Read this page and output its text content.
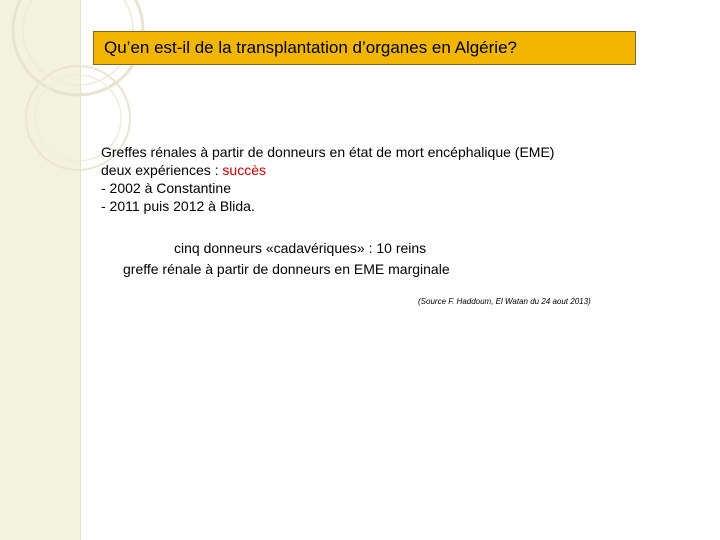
Qu’en est-il de la transplantation d’organes en Algérie?
Greffes rénales à partir de donneurs en état de mort encéphalique (EME)
deux expériences : succès
- 2002 à Constantine
- 2011 puis 2012 à Blida.
cinq donneurs «cadavériques» : 10 reins
greffe rénale à partir de donneurs en EME marginale
(Source F. Haddoum, El Watan du 24 aout 2013)
